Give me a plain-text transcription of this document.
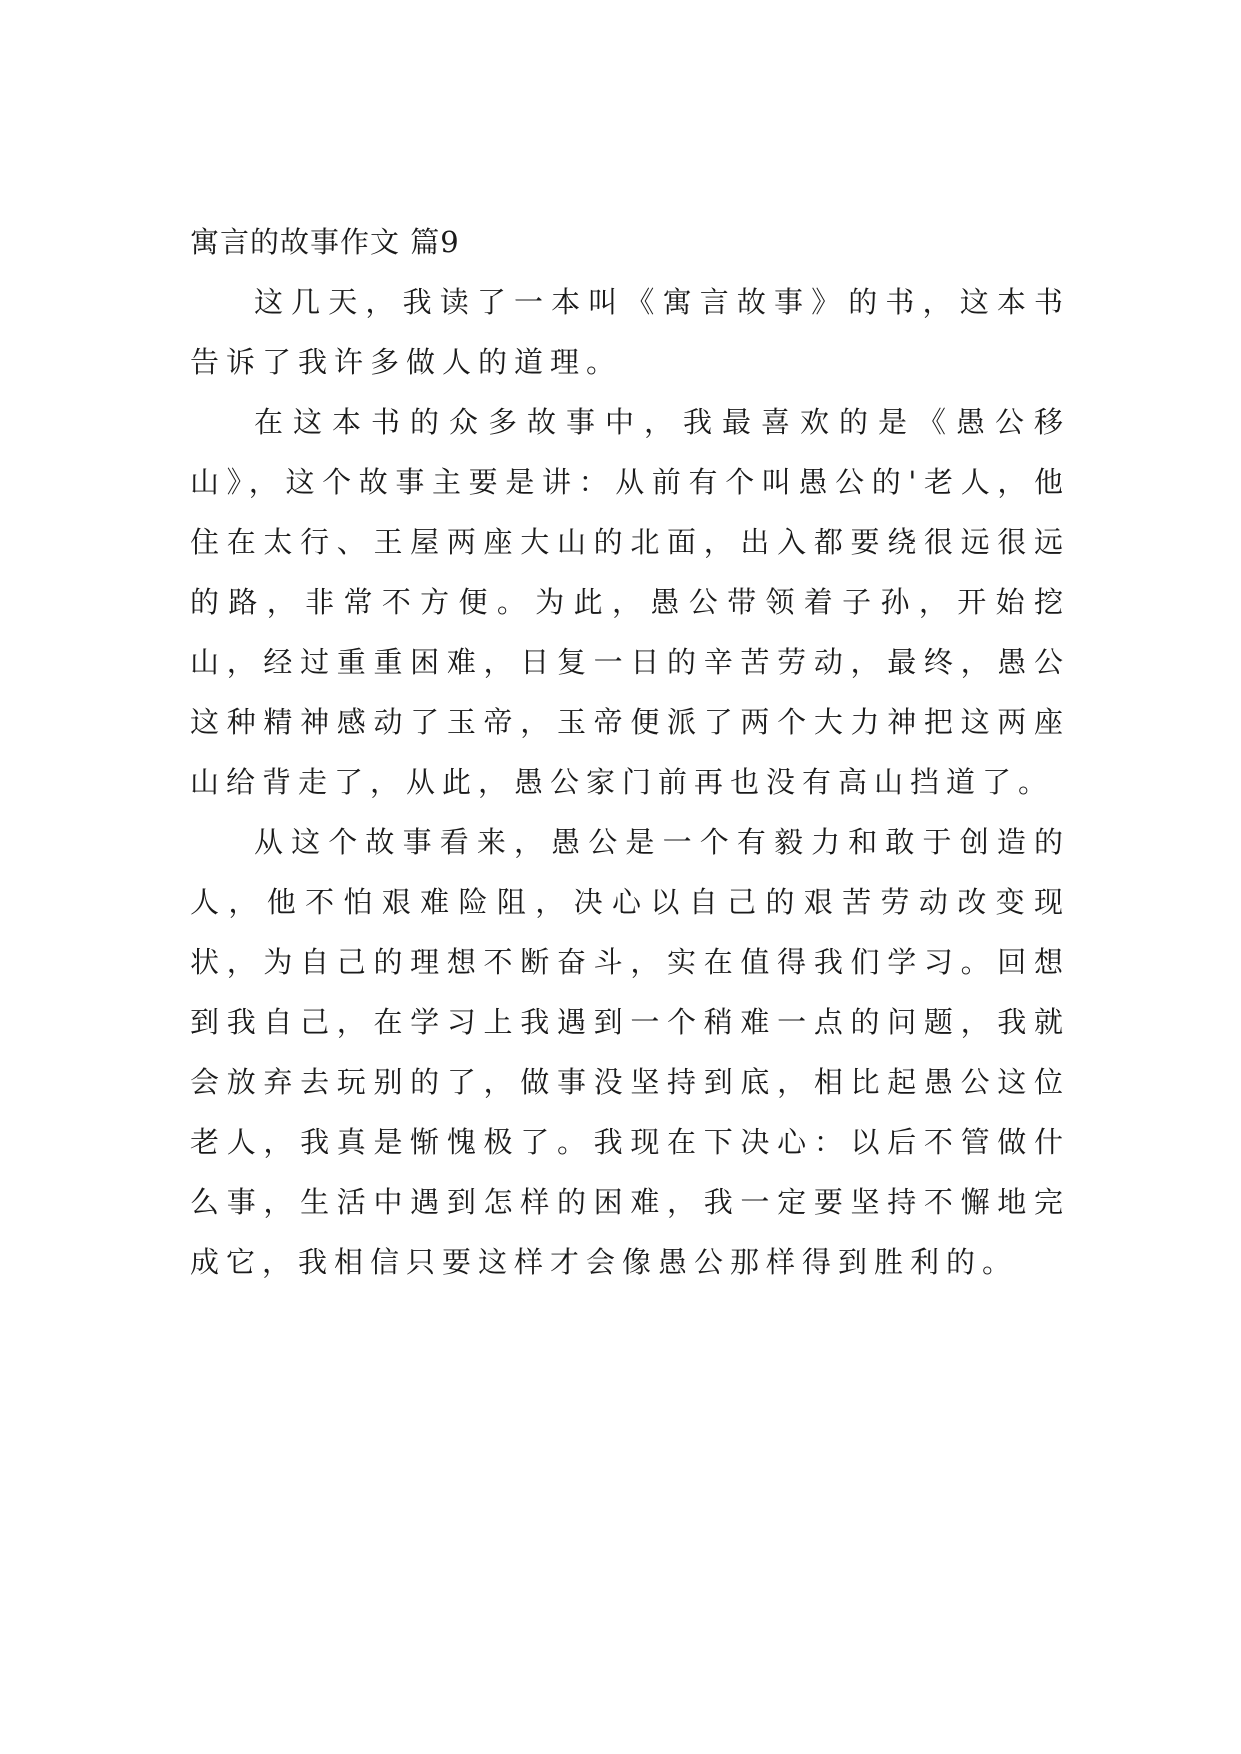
寓言的故事作文 篇9

这几天，我读了一本叫《寓言故事》的书，这本书告诉了我许多做人的道理。

在这本书的众多故事中，我最喜欢的是《愚公移山》，这个故事主要是讲：从前有个叫愚公的'老人，他住在太行、王屋两座大山的北面，出入都要绕很远很远的路，非常不方便。为此，愚公带领着子孙，开始挖山，经过重重困难，日复一日的辛苦劳动，最终，愚公这种精神感动了玉帝，玉帝便派了两个大力神把这两座山给背走了，从此，愚公家门前再也没有高山挡道了。

从这个故事看来，愚公是一个有毅力和敢于创造的人，他不怕艰难险阻，决心以自己的艰苦劳动改变现状，为自己的理想不断奋斗，实在值得我们学习。回想到我自己，在学习上我遇到一个稍难一点的问题，我就会放弃去玩别的了，做事没坚持到底，相比起愚公这位老人，我真是惭愧极了。我现在下决心：以后不管做什么事，生活中遇到怎样的困难，我一定要坚持不懈地完成它，我相信只要这样才会像愚公那样得到胜利的。
